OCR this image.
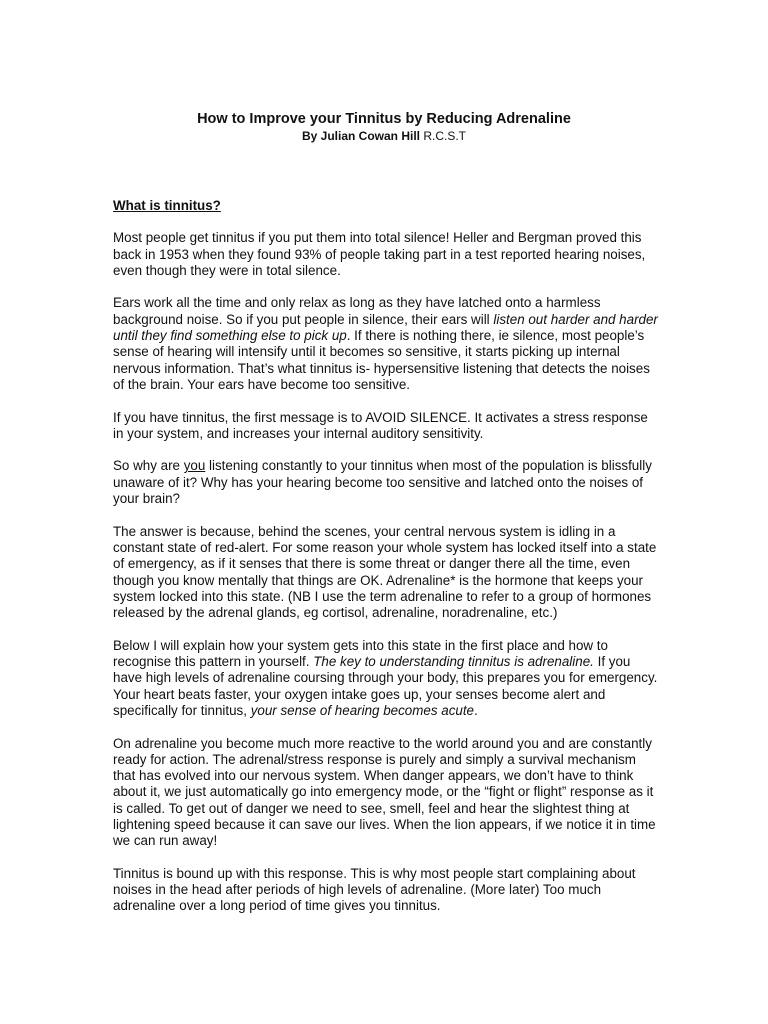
How to Improve your Tinnitus by Reducing Adrenaline

By Julian Cowan Hill R.C.S.T

What is tinnitus?

Most people get tinnitus if you put them into total silence! Heller and Bergman proved this back in 1953 when they found 93% of people taking part in a test reported hearing noises, even though they were in total silence.

Ears work all the time and only relax as long as they have latched onto a harmless background noise. So if you put people in silence, their ears will listen out harder and harder until they find something else to pick up. If there is nothing there, ie silence, most people’s sense of hearing will intensify until it becomes so sensitive, it starts picking up internal nervous information. That’s what tinnitus is- hypersensitive listening that detects the noises of the brain. Your ears have become too sensitive.

If you have tinnitus, the first message is to AVOID SILENCE. It activates a stress response in your system, and increases your internal auditory sensitivity.

So why are you listening constantly to your tinnitus when most of the population is blissfully unaware of it? Why has your hearing become too sensitive and latched onto the noises of your brain?

The answer is because, behind the scenes, your central nervous system is idling in a constant state of red-alert. For some reason your whole system has locked itself into a state of emergency, as if it senses that there is some threat or danger there all the time, even though you know mentally that things are OK. Adrenaline* is the hormone that keeps your system locked into this state. (NB I use the term adrenaline to refer to a group of hormones released by the adrenal glands, eg cortisol, adrenaline, noradrenaline, etc.)

Below I will explain how your system gets into this state in the first place and how to recognise this pattern in yourself. The key to understanding tinnitus is adrenaline. If you have high levels of adrenaline coursing through your body, this prepares you for emergency. Your heart beats faster, your oxygen intake goes up, your senses become alert and specifically for tinnitus, your sense of hearing becomes acute.

On adrenaline you become much more reactive to the world around you and are constantly ready for action. The adrenal/stress response is purely and simply a survival mechanism that has evolved into our nervous system. When danger appears, we don’t have to think about it, we just automatically go into emergency mode, or the “fight or flight” response as it is called. To get out of danger we need to see, smell, feel and hear the slightest thing at lightening speed because it can save our lives. When the lion appears, if we notice it in time we can run away!

Tinnitus is bound up with this response. This is why most people start complaining about noises in the head after periods of high levels of adrenaline. (More later) Too much adrenaline over a long period of time gives you tinnitus.
